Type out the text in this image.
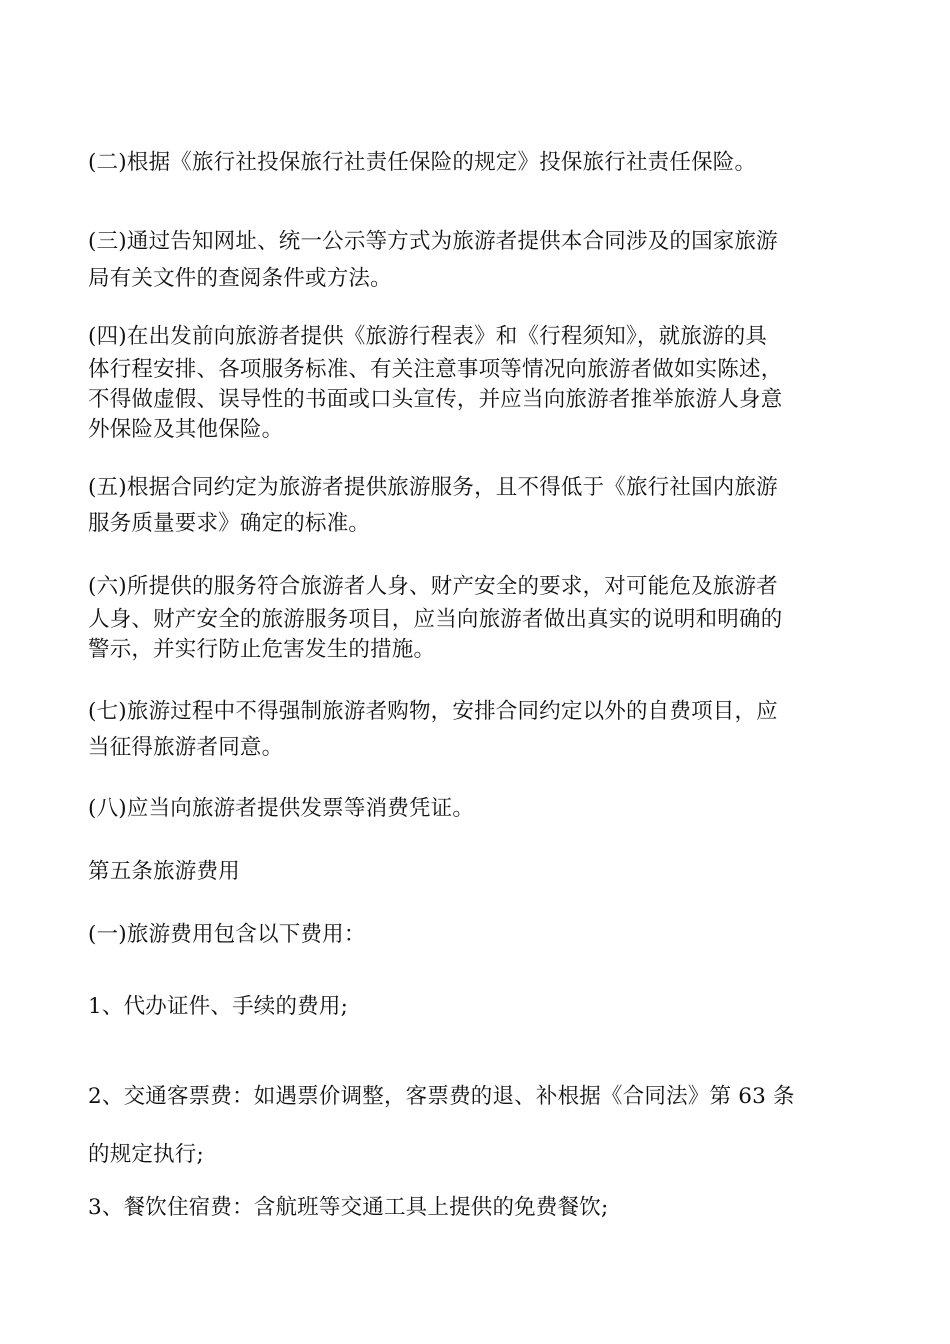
(二)根据《旅行社投保旅行社责任保险的规定》投保旅行社责任保险。

(三)通过告知网址、统一公示等方式为旅游者提供本合同涉及的国家旅游
局有关文件的查阅条件或方法。

(四)在出发前向旅游者提供《旅游行程表》和《行程须知》，就旅游的具
体行程安排、各项服务标准、有关注意事项等情况向旅游者做如实陈述，
不得做虚假、误导性的书面或口头宣传，并应当向旅游者推举旅游人身意
外保险及其他保险。

(五)根据合同约定为旅游者提供旅游服务，且不得低于《旅行社国内旅游
服务质量要求》确定的标准。

(六)所提供的服务符合旅游者人身、财产安全的要求，对可能危及旅游者
人身、财产安全的旅游服务项目，应当向旅游者做出真实的说明和明确的
警示，并实行防止危害发生的措施。

(七)旅游过程中不得强制旅游者购物，安排合同约定以外的自费项目，应
当征得旅游者同意。

(八)应当向旅游者提供发票等消费凭证。

第五条旅游费用

(一)旅游费用包含以下费用：

1、代办证件、手续的费用;

2、交通客票费：如遇票价调整，客票费的退、补根据《合同法》第 63 条
的规定执行;

3、餐饮住宿费：含航班等交通工具上提供的免费餐饮;
